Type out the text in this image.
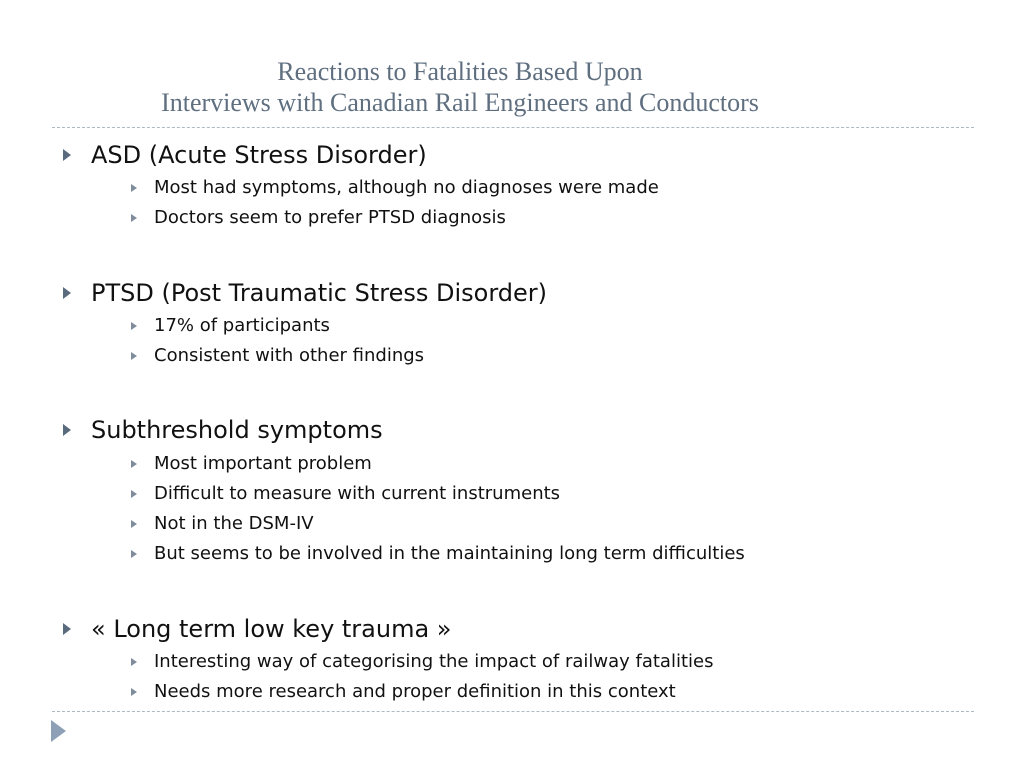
Reactions to Fatalities Based Upon
Interviews with Canadian Rail Engineers and Conductors
ASD (Acute Stress Disorder)
Most had symptoms, although no diagnoses were made
Doctors seem to prefer PTSD diagnosis
PTSD (Post Traumatic Stress Disorder)
17% of participants
Consistent with other findings
Subthreshold symptoms
Most important problem
Difficult to measure with current instruments
Not in the DSM-IV
But seems to be involved in the maintaining long term difficulties
« Long term low key trauma »
Interesting way of categorising the impact of railway fatalities
Needs more research and proper definition in this context
